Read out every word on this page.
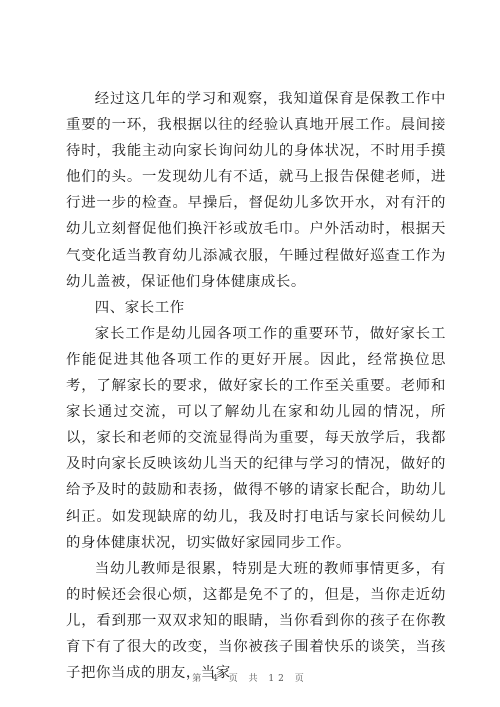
经过这几年的学习和观察，我知道保育是保教工作中重要的一环，我根据以往的经验认真地开展工作。晨间接待时，我能主动向家长询问幼儿的身体状况，不时用手摸他们的头。一发现幼儿有不适，就马上报告保健老师，进行进一步的检查。早操后，督促幼儿多饮开水，对有汗的幼儿立刻督促他们换汗衫或放毛巾。户外活动时，根据天气变化适当教育幼儿添减衣服，午睡过程做好巡查工作为幼儿盖被，保证他们身体健康成长。

四、家长工作

家长工作是幼儿园各项工作的重要环节，做好家长工作能促进其他各项工作的更好开展。因此，经常换位思考，了解家长的要求，做好家长的工作至关重要。老师和家长通过交流，可以了解幼儿在家和幼儿园的情况，所以，家长和老师的交流显得尚为重要，每天放学后，我都及时向家长反映该幼儿当天的纪律与学习的情况，做好的给予及时的鼓励和表扬，做得不够的请家长配合，助幼儿纠正。如发现缺席的幼儿，我及时打电话与家长问候幼儿的身体健康状况，切实做好家园同步工作。

当幼儿教师是很累，特别是大班的教师事情更多，有的时候还会很心烦，这都是免不了的，但是，当你走近幼儿，看到那一双双求知的眼睛，当你看到你的孩子在你教育下有了很大的改变，当你被孩子围着快乐的谈笑，当孩子把你当成的朋友，当家

第 4 页 共 12 页
